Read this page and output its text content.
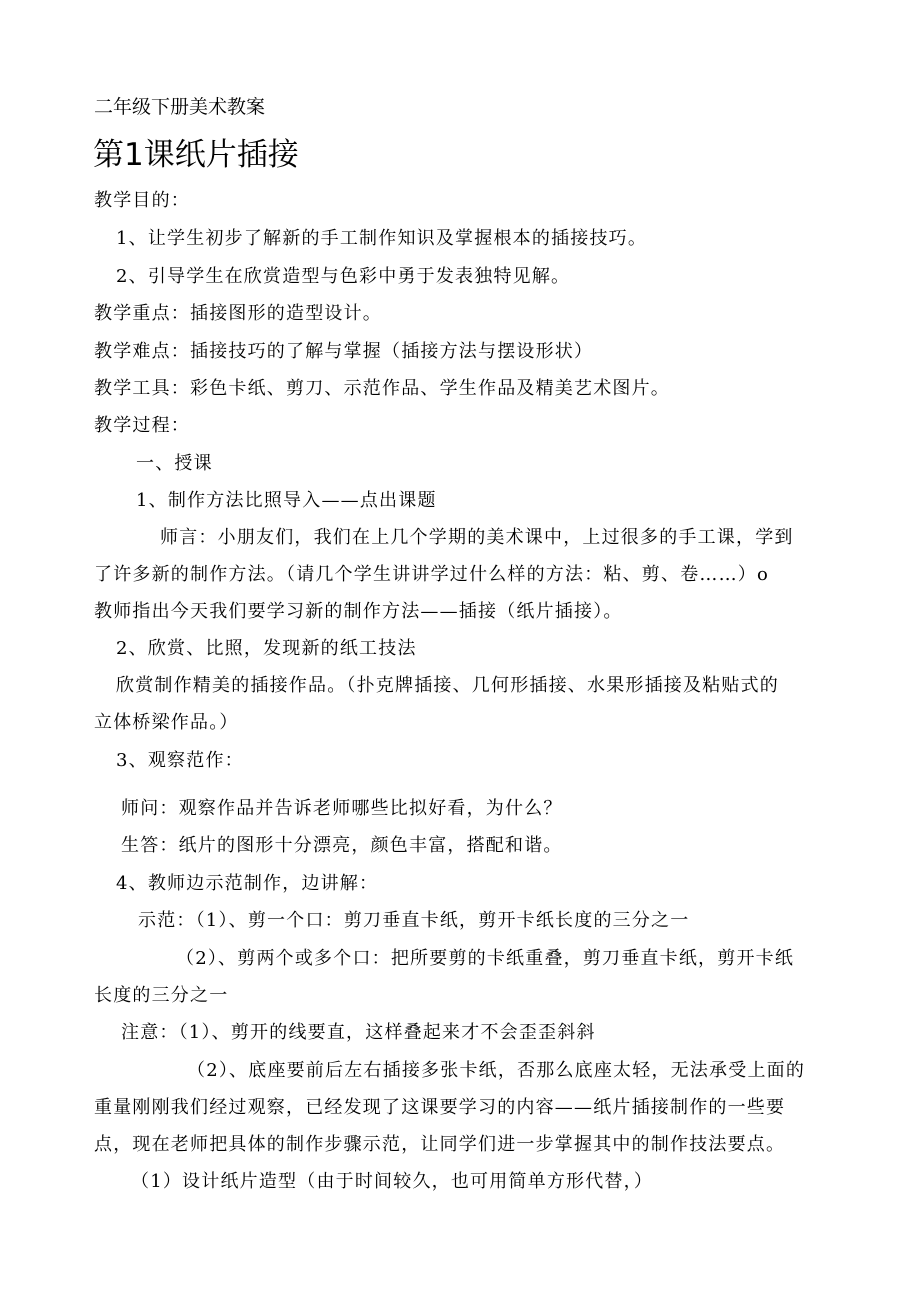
二年级下册美术教案
第1课纸片插接
教学目的：
1、让学生初步了解新的手工制作知识及掌握根本的插接技巧。
2、引导学生在欣赏造型与色彩中勇于发表独特见解。
教学重点：插接图形的造型设计。
教学难点：插接技巧的了解与掌握（插接方法与摆设形状）
教学工具：彩色卡纸、剪刀、示范作品、学生作品及精美艺术图片。
教学过程：
一、授课
1、制作方法比照导入——点出课题
师言：小朋友们，我们在上几个学期的美术课中，上过很多的手工课，学到
了许多新的制作方法。（请几个学生讲讲学过什么样的方法：粘、剪、卷……）o
教师指出今天我们要学习新的制作方法——插接（纸片插接）。
2、欣赏、比照，发现新的纸工技法
欣赏制作精美的插接作品。（扑克牌插接、几何形插接、水果形插接及粘贴式的
立体桥梁作品。）
3、观察范作：
师问：观察作品并告诉老师哪些比拟好看，为什么？
生答：纸片的图形十分漂亮，颜色丰富，搭配和谐。
4、教师边示范制作，边讲解：
示范：（1）、剪一个口：剪刀垂直卡纸，剪开卡纸长度的三分之一
（2）、剪两个或多个口：把所要剪的卡纸重叠，剪刀垂直卡纸，剪开卡纸
长度的三分之一
注意：（1）、剪开的线要直，这样叠起来才不会歪歪斜斜
（2）、底座要前后左右插接多张卡纸，否那么底座太轻，无法承受上面的
重量刚刚我们经过观察，已经发现了这课要学习的内容——纸片插接制作的一些要
点，现在老师把具体的制作步骤示范，让同学们进一步掌握其中的制作技法要点。
（1）设计纸片造型（由于时间较久，也可用简单方形代替，）
